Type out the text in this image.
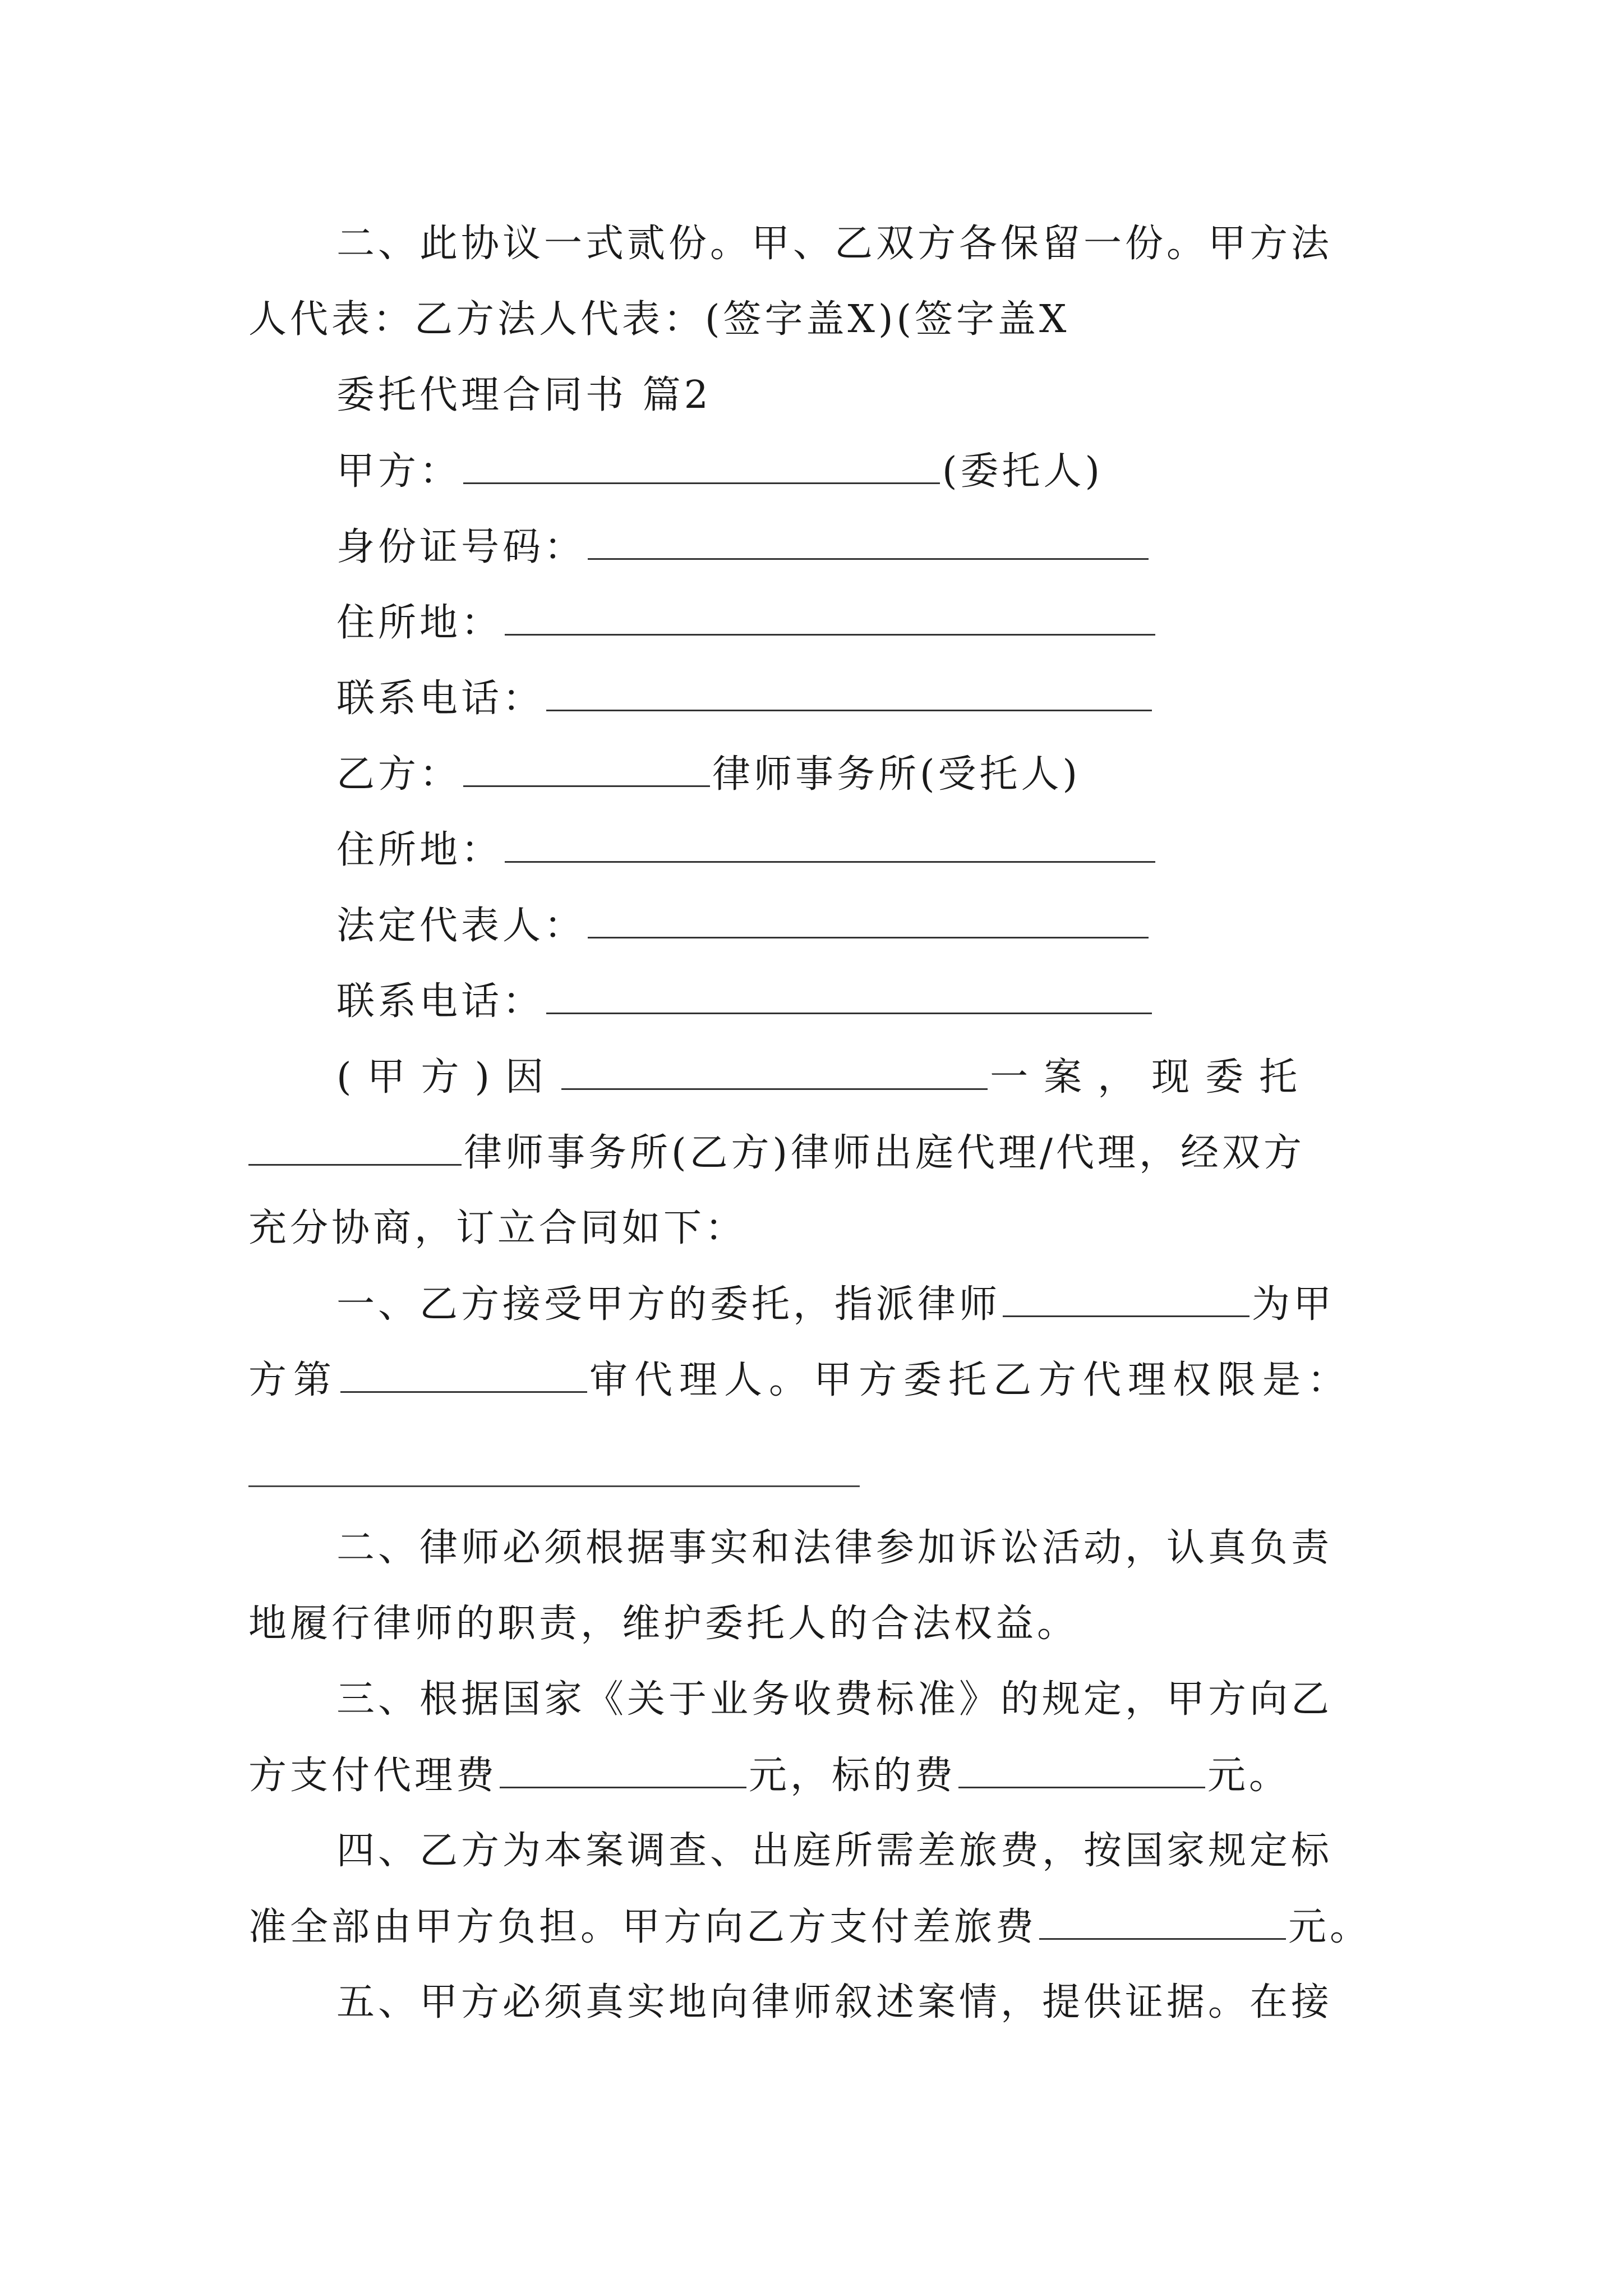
二、此协议一式贰份。甲、乙双方各保留一份。甲方法
人代表：乙方法人代表：(签字盖X)(签字盖X
委托代理合同书 篇2
甲方：	(委托人)
身份证号码：
住所地：
联系电话：
乙方：	律师事务所(受托人)
住所地：
法定代表人：
联系电话：
(甲方)因	一案，现委托
律师事务所(乙方)律师出庭代理/代理，经双方
充分协商，订立合同如下：
一、乙方接受甲方的委托，指派律师	为甲
方第	审代理人。甲方委托乙方代理权限是：
二、律师必须根据事实和法律参加诉讼活动，认真负责
地履行律师的职责，维护委托人的合法权益。
三、根据国家《关于业务收费标准》的规定，甲方向乙
方支付代理费	元，标的费	元。
四、乙方为本案调查、出庭所需差旅费，按国家规定标
准全部由甲方负担。甲方向乙方支付差旅费	元。
五、甲方必须真实地向律师叙述案情，提供证据。在接
